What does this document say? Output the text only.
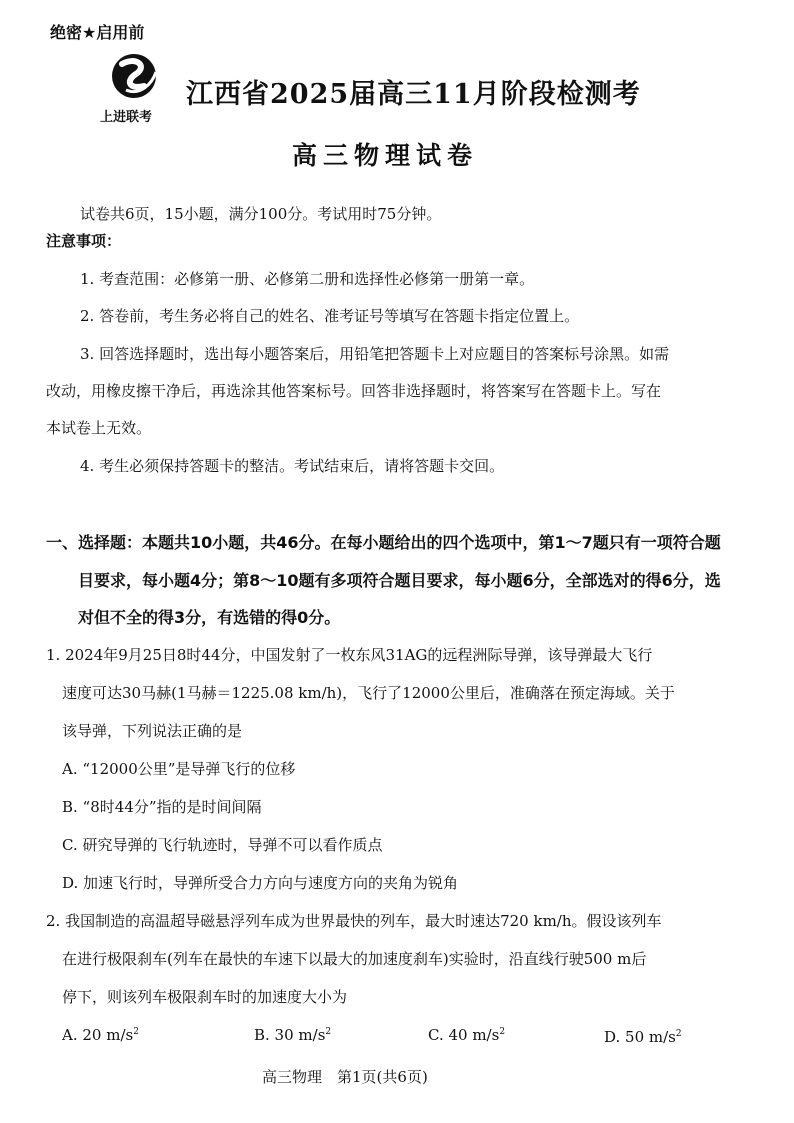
绝密★启用前
上进联考
江西省2025届高三11月阶段检测考
高三物理试卷
试卷共6页，15小题，满分100分。考试用时75分钟。
注意事项：
1. 考查范围：必修第一册、必修第二册和选择性必修第一册第一章。
2. 答卷前，考生务必将自己的姓名、准考证号等填写在答题卡指定位置上。
3. 回答选择题时，选出每小题答案后，用铅笔把答题卡上对应题目的答案标号涂黑。如需
改动，用橡皮擦干净后，再选涂其他答案标号。回答非选择题时，将答案写在答题卡上。写在
本试卷上无效。
4. 考生必须保持答题卡的整洁。考试结束后，请将答题卡交回。
一、选择题：本题共10小题，共46分。在每小题给出的四个选项中，第1～7题只有一项符合题
目要求，每小题4分；第8～10题有多项符合题目要求，每小题6分，全部选对的得6分，选
对但不全的得3分，有选错的得0分。
1. 2024年9月25日8时44分，中国发射了一枚东风31AG的远程洲际导弹，该导弹最大飞行
速度可达30马赫(1马赫＝1225.08 km/h)，飞行了12000公里后，准确落在预定海域。关于
该导弹，下列说法正确的是
A. “12000公里”是导弹飞行的位移
B. “8时44分”指的是时间间隔
C. 研究导弹的飞行轨迹时，导弹不可以看作质点
D. 加速飞行时，导弹所受合力方向与速度方向的夹角为锐角
2. 我国制造的高温超导磁悬浮列车成为世界最快的列车，最大时速达720 km/h。假设该列车
在进行极限刹车(列车在最快的车速下以最大的加速度刹车)实验时，沿直线行驶500 m后
停下，则该列车极限刹车时的加速度大小为
A. 20 $m/s^2$	B. 30 $m/s^2$	C. 40 $m/s^2$	D. 50 $m/s^2$
高三物理　第1页(共6页)
